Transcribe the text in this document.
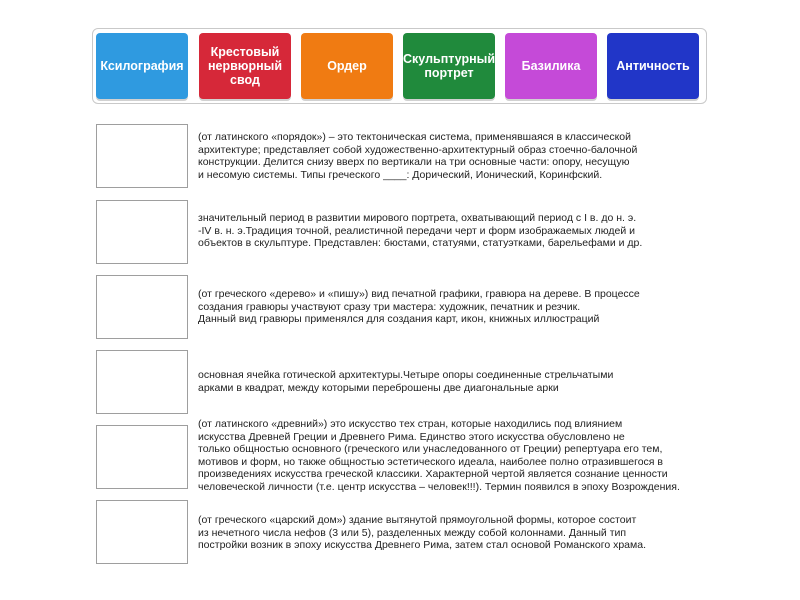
Ксилография
Крестовый нервюрный свод
Ордер	Скульптурный портрет	Базилика	Античность
(от латинского «порядок») – это тектоническая система, применявшаяся в классической
архитектуре; представляет собой художественно-архитектурный образ стоечно-балочной
конструкции. Делится снизу вверх по вертикали на три основные части: опору, несущую
и несомую системы. Типы греческого ____: Дорический, Ионический, Коринфский.
значительный период в развитии мирового портрета, охватывающий период с I в. до н. э.
-IV в. н. э.Традиция точной, реалистичной передачи черт и форм изображаемых людей и
объектов в скульптуре. Представлен: бюстами, статуями, статуэтками, барельефами и др.
(от греческого «дерево» и «пишу») вид печатной графики, гравюра на дереве. В процессе
создания гравюры участвуют сразу три мастера: художник, печатник и резчик.
Данный вид гравюры применялся для создания карт, икон, книжных иллюстраций
основная ячейка готической архитектуры.Четыре опоры соединенные стрельчатыми
арками в квадрат, между которыми переброшены две диагональные арки
(от латинского «древний») это искусство тех стран, которые находились под влиянием
искусства Древней Греции и Древнего Рима. Единство этого искусства обусловлено не
только общностью основного (греческого или унаследованного от Греции) репертуара его тем,
мотивов и форм, но также общностью эстетического идеала, наиболее полно отразившегося в
произведениях искусства греческой классики. Характерной чертой является сознание ценности
человеческой личности (т.е. центр искусства – человек!!!). Термин появился в эпоху Возрождения.
(от греческого «царский дом») здание вытянутой прямоугольной формы, которое состоит
из нечетного числа нефов (3 или 5), разделенных между собой колоннами. Данный тип
постройки возник в эпоху искусства Древнего Рима, затем стал основой Романского храма.
